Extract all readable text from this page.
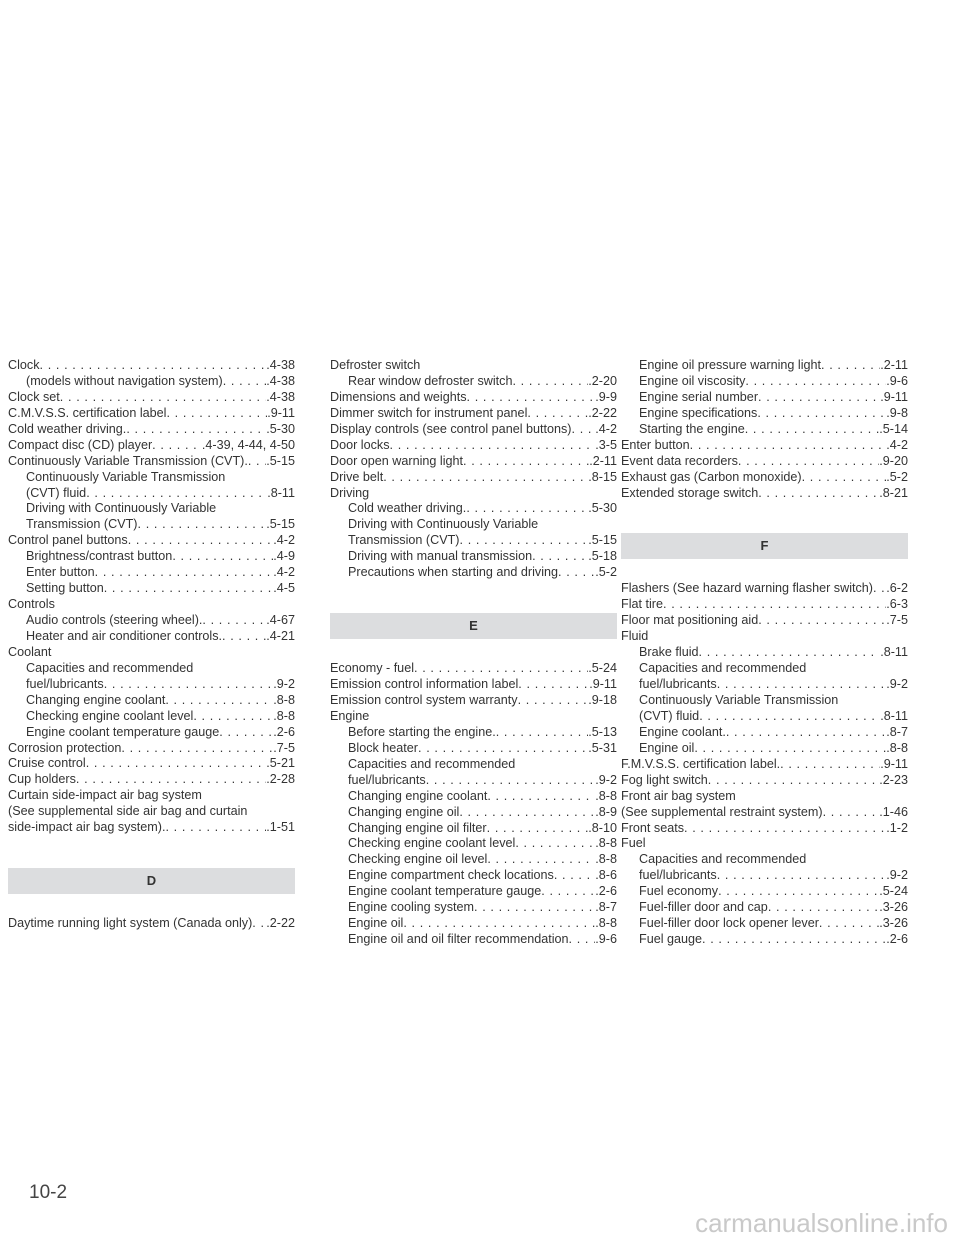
Clock . . .	.4-38
(models without navigation system) . . .	.4-38
Clock set . . .	.4-38
C.M.V.S.S. certification label . . .	.9-11
Cold weather driving. . . .	.5-30
Compact disc (CD) player . . .	.4-39, 4-44, 4-50
Continuously Variable Transmission (CVT). . . . .5-15
Continuously Variable Transmission
(CVT) fluid . . .	.8-11
Driving with Continuously Variable
Transmission (CVT) . . .	.5-15
Control panel buttons . . .	.4-2
Brightness/contrast button . . .	.4-9
Enter button . . .	.4-2
Setting button . . .	.4-5
Controls
Audio controls (steering wheel). . . .	.4-67
Heater and air conditioner controls. . . .	.4-21
Coolant
Capacities and recommended
fuel/lubricants . . .	.9-2
Changing engine coolant . . .	.8-8
Checking engine coolant level . . .	.8-8
Engine coolant temperature gauge . . .	.2-6
Corrosion protection . . .	.7-5
Cruise control . . .	.5-21
Cup holders . . .	.2-28
Curtain side-impact air bag system
(See supplemental side air bag and curtain
side-impact air bag system). . . .	.1-51
D
Daytime running light system (Canada only) . . . .2-22
Defroster switch
Rear window defroster switch . . .	.2-20
Dimensions and weights . . .	.9-9
Dimmer switch for instrument panel . . .	.2-22
Display controls (see control panel buttons) . . . .4-2
Door locks . . .	.3-5
Door open warning light . . .	.2-11
Drive belt . . .	.8-15
Driving
Cold weather driving. . . .	.5-30
Driving with Continuously Variable
Transmission (CVT) . . .	.5-15
Driving with manual transmission . . .	.5-18
Precautions when starting and driving . . .	.5-2
E
Economy - fuel . . .	.5-24
Emission control information label . . .	.9-11
Emission control system warranty . . .	.9-18
Engine
Before starting the engine. . . .	.5-13
Block heater . . .	.5-31
Capacities and recommended
fuel/lubricants . . .	.9-2
Changing engine coolant . . .	.8-8
Changing engine oil . . .	.8-9
Changing engine oil filter . . .	.8-10
Checking engine coolant level . . .	.8-8
Checking engine oil level . . .	.8-8
Engine compartment check locations . . .	.8-6
Engine coolant temperature gauge . . .	.2-6
Engine cooling system . . .	.8-7
Engine oil . . .	.8-8
Engine oil and oil filter recommendation . . . .9-6
Engine oil pressure warning light . . .	.2-11
Engine oil viscosity . . .	.9-6
Engine serial number . . .	.9-11
Engine specifications . . .	.9-8
Starting the engine . . .	.5-14
Enter button . . .	.4-2
Event data recorders . . .	.9-20
Exhaust gas (Carbon monoxide) . . .	.5-2
Extended storage switch . . .	.8-21
F
Flashers (See hazard warning flasher switch) . . . .6-2
Flat tire . . .	.6-3
Floor mat positioning aid . . .	.7-5
Fluid
Brake fluid . . .	.8-11
Capacities and recommended
fuel/lubricants . . .	.9-2
Continuously Variable Transmission
(CVT) fluid . . .	.8-11
Engine coolant. . . .	.8-7
Engine oil . . .	.8-8
F.M.V.S.S. certification label. . . .	.9-11
Fog light switch . . .	.2-23
Front air bag system
(See supplemental restraint system) . . .	.1-46
Front seats . . .	.1-2
Fuel
Capacities and recommended
fuel/lubricants . . .	.9-2
Fuel economy . . .	.5-24
Fuel-filler door and cap . . .	.3-26
Fuel-filler door lock opener lever . . .	.3-26
Fuel gauge . . .	.2-6
10-2
carmanualsonline.info
